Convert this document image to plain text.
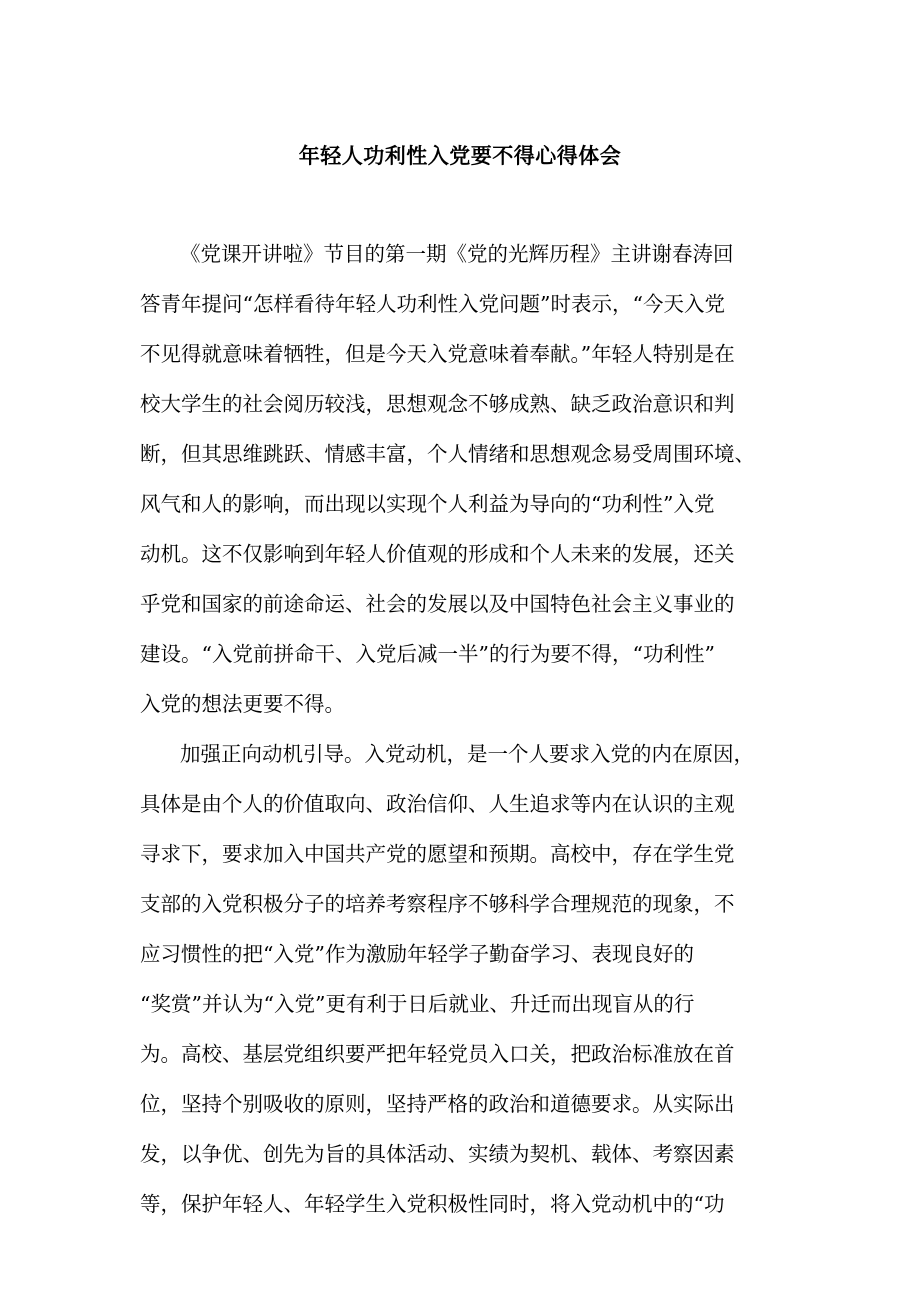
年轻人功利性入党要不得心得体会
《党课开讲啦》节目的第一期《党的光辉历程》主讲谢春涛回
答青年提问“怎样看待年轻人功利性入党问题”时表示，“今天入党
不见得就意味着牺牲，但是今天入党意味着奉献。”年轻人特别是在
校大学生的社会阅历较浅，思想观念不够成熟、缺乏政治意识和判
断，但其思维跳跃、情感丰富，个人情绪和思想观念易受周围环境、
风气和人的影响，而出现以实现个人利益为导向的“功利性”入党
动机。这不仅影响到年轻人价值观的形成和个人未来的发展，还关
乎党和国家的前途命运、社会的发展以及中国特色社会主义事业的
建设。“入党前拼命干、入党后减一半”的行为要不得，“功利性”
入党的想法更要不得。
加强正向动机引导。入党动机，是一个人要求入党的内在原因，
具体是由个人的价值取向、政治信仰、人生追求等内在认识的主观
寻求下，要求加入中国共产党的愿望和预期。高校中，存在学生党
支部的入党积极分子的培养考察程序不够科学合理规范的现象，不
应习惯性的把“入党”作为激励年轻学子勤奋学习、表现良好的
“奖赏”并认为“入党”更有利于日后就业、升迁而出现盲从的行
为。高校、基层党组织要严把年轻党员入口关，把政治标准放在首
位，坚持个别吸收的原则，坚持严格的政治和道德要求。从实际出
发，以争优、创先为旨的具体活动、实绩为契机、载体、考察因素
等，保护年轻人、年轻学生入党积极性同时，将入党动机中的“功
